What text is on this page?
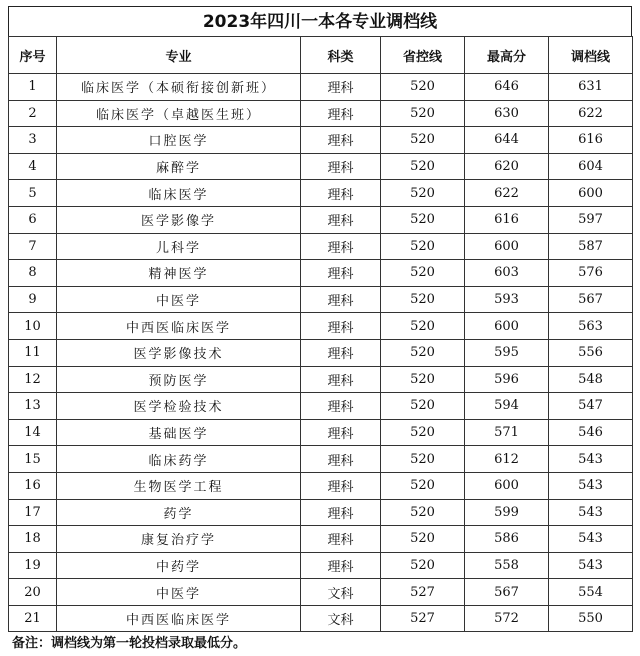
2023年四川一本各专业调档线
序号	专业	科类	省控线	最高分	调档线
1	临床医学（本硕衔接创新班）	理科	520	646	631
2	临床医学（卓越医生班）	理科	520	630	622
3	口腔医学	理科	520	644	616
4	麻醉学	理科	520	620	604
5	临床医学	理科	520	622	600
6	医学影像学	理科	520	616	597
7	儿科学	理科	520	600	587
8	精神医学	理科	520	603	576
9	中医学	理科	520	593	567
10	中西医临床医学	理科	520	600	563
11	医学影像技术	理科	520	595	556
12	预防医学	理科	520	596	548
13	医学检验技术	理科	520	594	547
14	基础医学	理科	520	571	546
15	临床药学	理科	520	612	543
16	生物医学工程	理科	520	600	543
17	药学	理科	520	599	543
18	康复治疗学	理科	520	586	543
19	中药学	理科	520	558	543
20	中医学	文科	527	567	554
21	中西医临床医学	文科	527	572	550
备注：调档线为第一轮投档录取最低分。
